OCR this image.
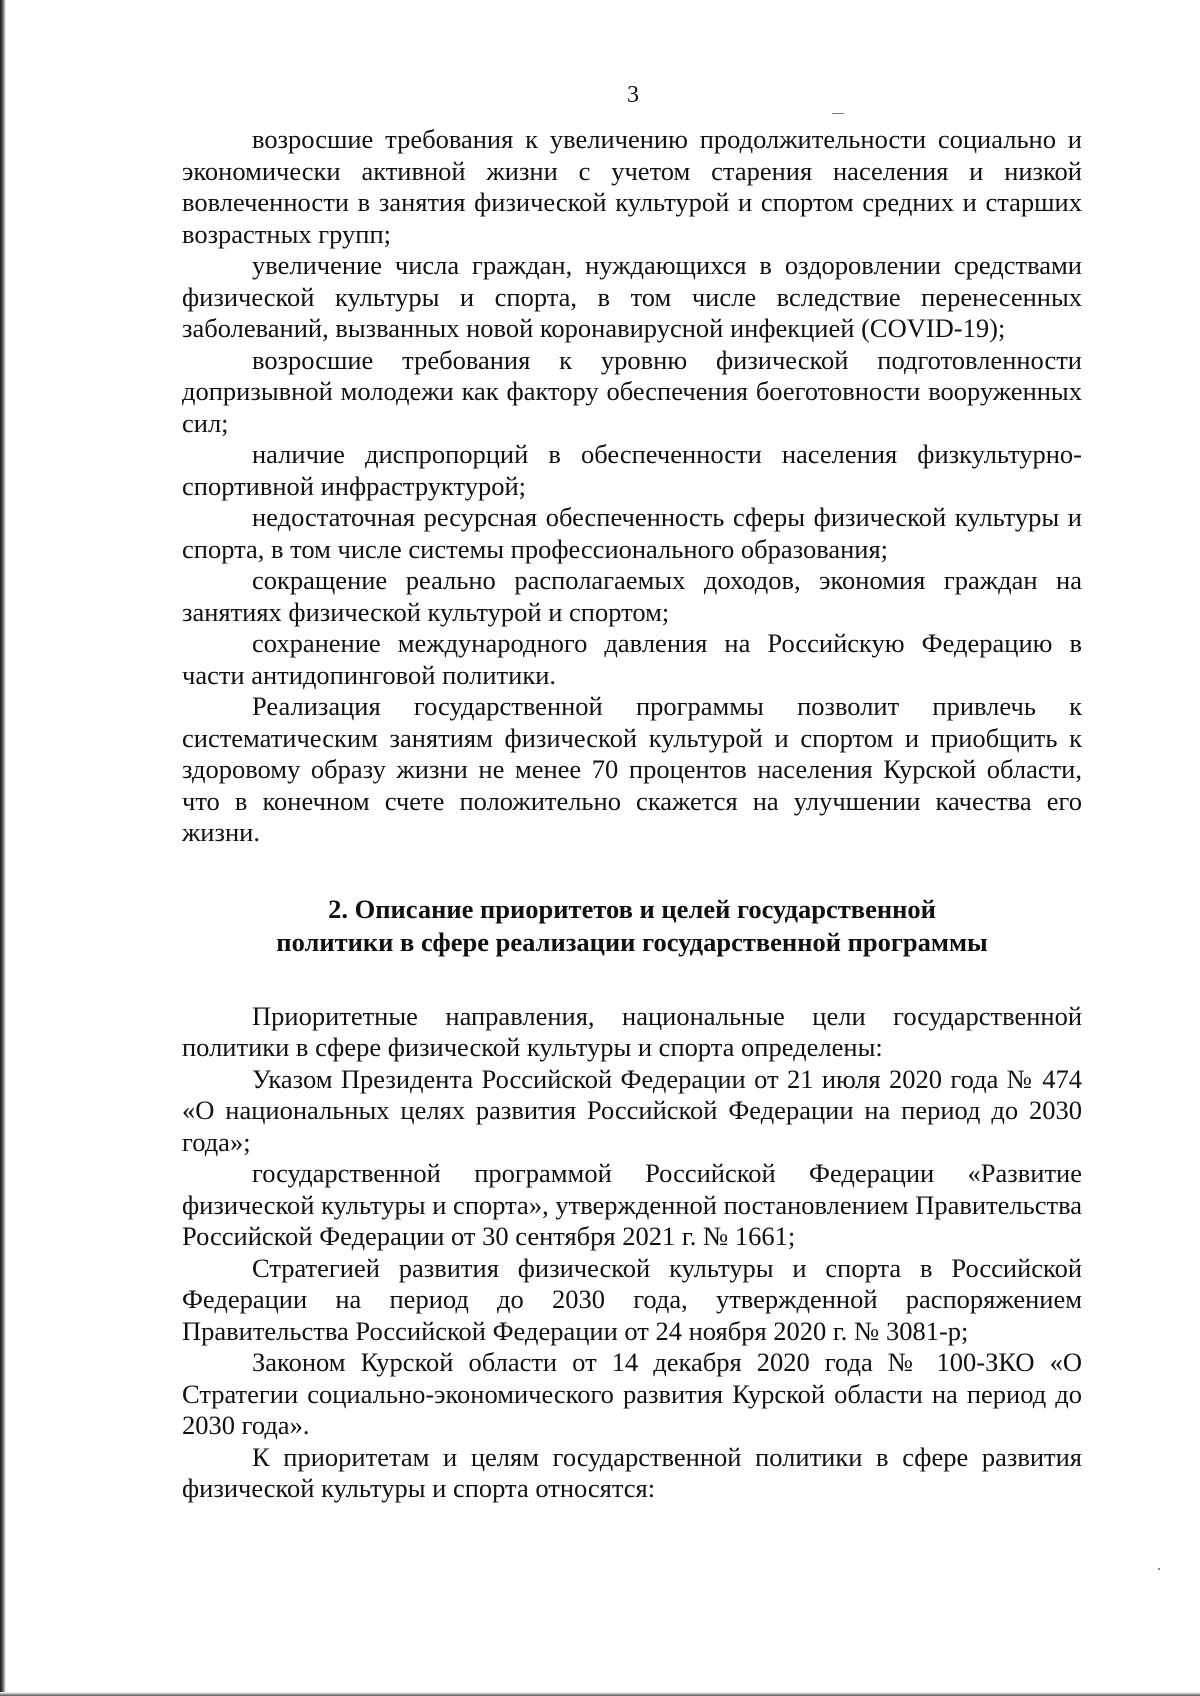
3

возросшие требования к увеличению продолжительности социально и экономически активной жизни с учетом старения населения и низкой вовлеченности в занятия физической культурой и спортом средних и старших возрастных групп;

увеличение числа граждан, нуждающихся в оздоровлении средствами физической культуры и спорта, в том числе вследствие перенесенных заболеваний, вызванных новой коронавирусной инфекцией (COVID-19);

возросшие требования к уровню физической подготовленности допризывной молодежи как фактору обеспечения боеготовности вооруженных сил;

наличие диспропорций в обеспеченности населения физкультурно-спортивной инфраструктурой;

недостаточная ресурсная обеспеченность сферы физической культуры и спорта, в том числе системы профессионального образования;

сокращение реально располагаемых доходов, экономия граждан на занятиях физической культурой и спортом;

сохранение международного давления на Российскую Федерацию в части антидопинговой политики.

Реализация государственной программы позволит привлечь к систематическим занятиям физической культурой и спортом и приобщить к здоровому образу жизни не менее 70 процентов населения Курской области, что в конечном счете положительно скажется на улучшении качества его жизни.

2. Описание приоритетов и целей государственной
политики в сфере реализации государственной программы

Приоритетные направления, национальные цели государственной политики в сфере физической культуры и спорта определены:

Указом Президента Российской Федерации от 21 июля 2020 года № 474 «О национальных целях развития Российской Федерации на период до 2030 года»;

государственной программой Российской Федерации «Развитие физической культуры и спорта», утвержденной постановлением Правительства Российской Федерации от 30 сентября 2021 г. № 1661;

Стратегией развития физической культуры и спорта в Российской Федерации на период до 2030 года, утвержденной распоряжением Правительства Российской Федерации от 24 ноября 2020 г. № 3081-р;

Законом Курской области от 14 декабря 2020 года № 100-ЗКО «О Стратегии социально-экономического развития Курской области на период до 2030 года».

К приоритетам и целям государственной политики в сфере развития физической культуры и спорта относятся:
